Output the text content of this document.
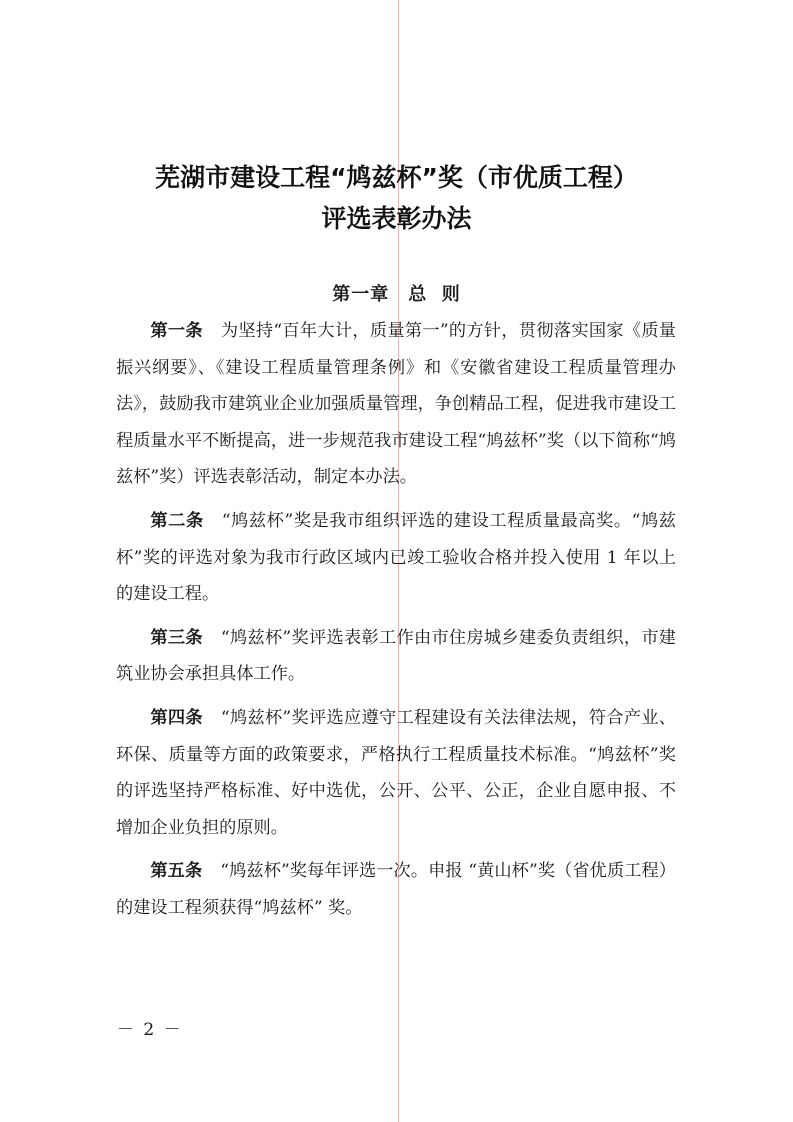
芜湖市建设工程“鸠兹杯”奖（市优质工程）
评选表彰办法
第一章　总  则

第一条 为坚持“百年大计，质量第一”的方针，贯彻落实国家《质量振兴纲要》、《建设工程质量管理条例》和《安徽省建设工程质量管理办法》，鼓励我市建筑业企业加强质量管理，争创精品工程，促进我市建设工程质量水平不断提高，进一步规范我市建设工程“鸠兹杯”奖（以下简称“鸠兹杯”奖）评选表彰活动，制定本办法。

第二条 “鸠兹杯”奖是我市组织评选的建设工程质量最高奖。“鸠兹杯”奖的评选对象为我市行政区域内已竣工验收合格并投入使用 1 年以上的建设工程。

第三条 “鸠兹杯”奖评选表彰工作由市住房城乡建委负责组织，市建筑业协会承担具体工作。

第四条 “鸠兹杯”奖评选应遵守工程建设有关法律法规，符合产业、环保、质量等方面的政策要求，严格执行工程质量技术标准。“鸠兹杯”奖的评选坚持严格标准、好中选优，公开、公平、公正，企业自愿申报、不增加企业负担的原则。

第五条 “鸠兹杯”奖每年评选一次。申报 “黄山杯”奖（省优质工程）的建设工程须获得“鸠兹杯” 奖。

－ 2 －
